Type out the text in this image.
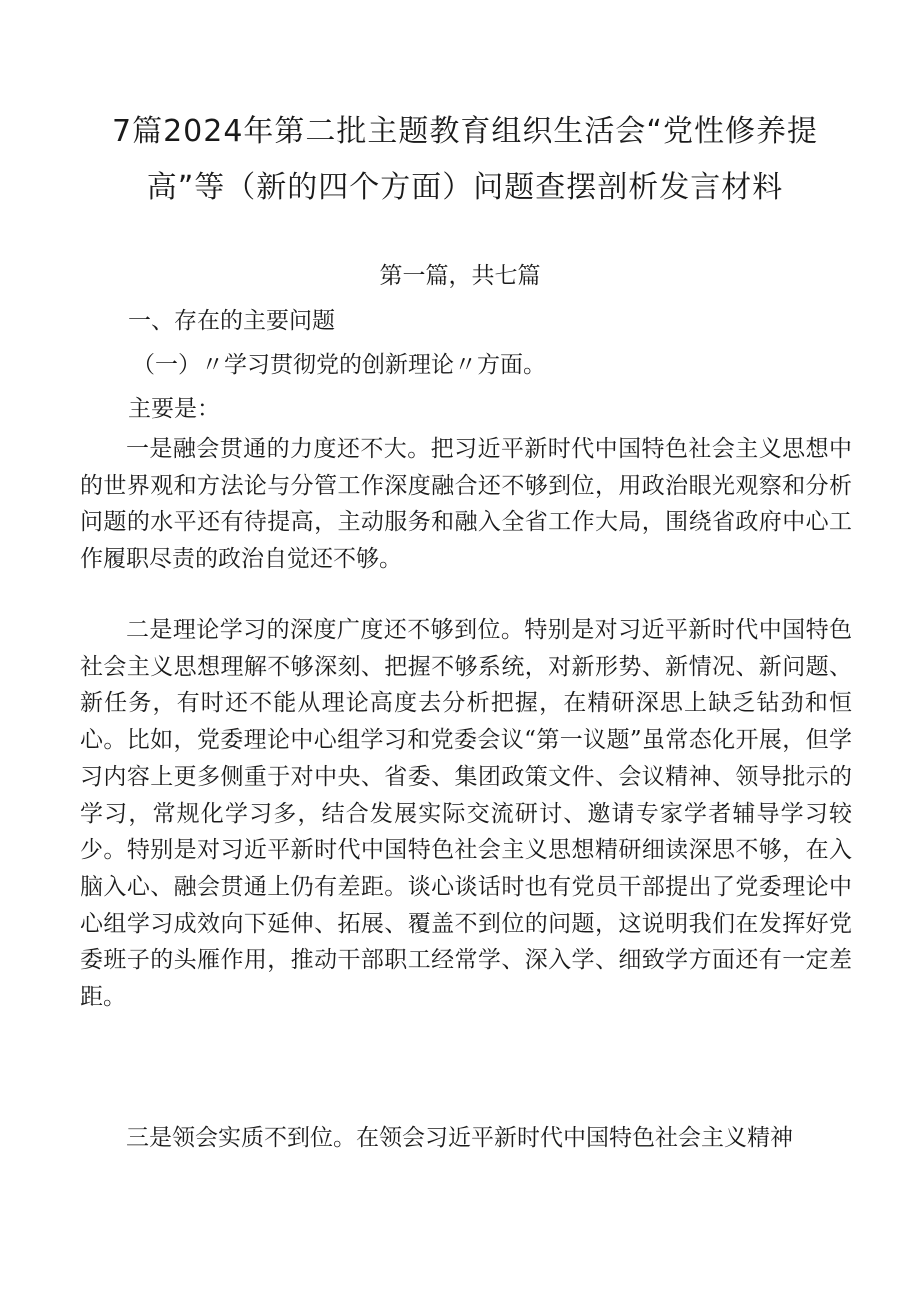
7篇2024年第二批主题教育组织生活会“党性修养提高”等（新的四个方面）问题查摆剖析发言材料

第一篇，共七篇

一、存在的主要问题

（一）〃学习贯彻党的创新理论〃方面。

主要是：

一是融会贯通的力度还不大。把习近平新时代中国特色社会主义思想中的世界观和方法论与分管工作深度融合还不够到位，用政治眼光观察和分析问题的水平还有待提高，主动服务和融入全省工作大局，围绕省政府中心工作履职尽责的政治自觉还不够。

二是理论学习的深度广度还不够到位。特别是对习近平新时代中国特色社会主义思想理解不够深刻、把握不够系统，对新形势、新情况、新问题、新任务，有时还不能从理论高度去分析把握，在精研深思上缺乏钻劲和恒心。比如，党委理论中心组学习和党委会议“第一议题”虽常态化开展，但学习内容上更多侧重于对中央、省委、集团政策文件、会议精神、领导批示的学习，常规化学习多，结合发展实际交流研讨、邀请专家学者辅导学习较少。特别是对习近平新时代中国特色社会主义思想精研细读深思不够，在入脑入心、融会贯通上仍有差距。谈心谈话时也有党员干部提出了党委理论中心组学习成效向下延伸、拓展、覆盖不到位的问题，这说明我们在发挥好党委班子的头雁作用，推动干部职工经常学、深入学、细致学方面还有一定差距。

三是领会实质不到位。在领会习近平新时代中国特色社会主义精神
